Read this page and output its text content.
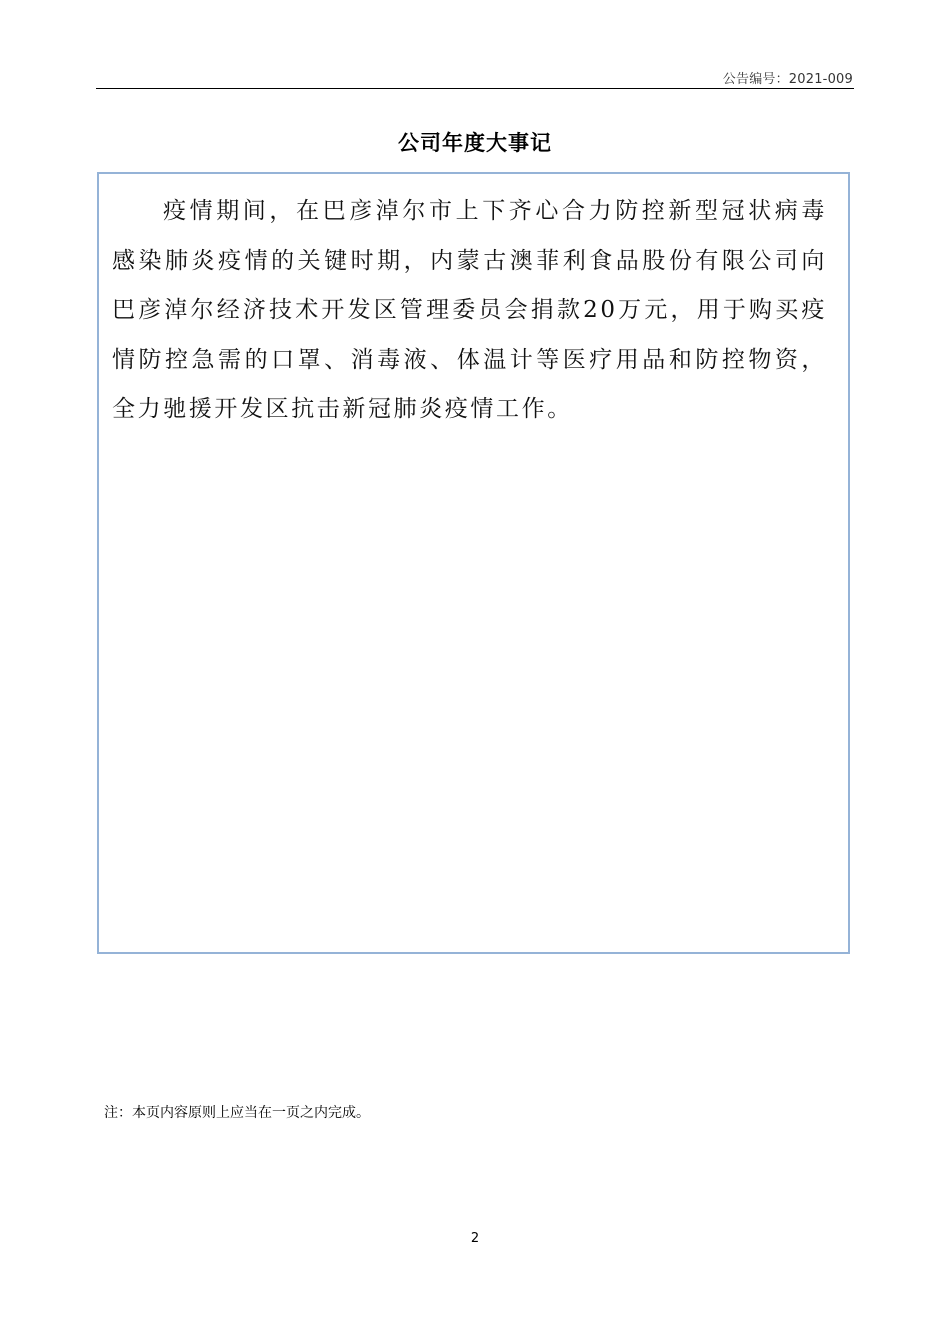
公告编号：2021-009
公司年度大事记

疫情期间，在巴彦淖尔市上下齐心合力防控新型冠状病毒感染肺炎疫情的关键时期，内蒙古澳菲利食品股份有限公司向巴彦淖尔经济技术开发区管理委员会捐款20万元，用于购买疫情防控急需的口罩、消毒液、体温计等医疗用品和防控物资，全力驰援开发区抗击新冠肺炎疫情工作。

注：本页内容原则上应当在一页之内完成。
2
